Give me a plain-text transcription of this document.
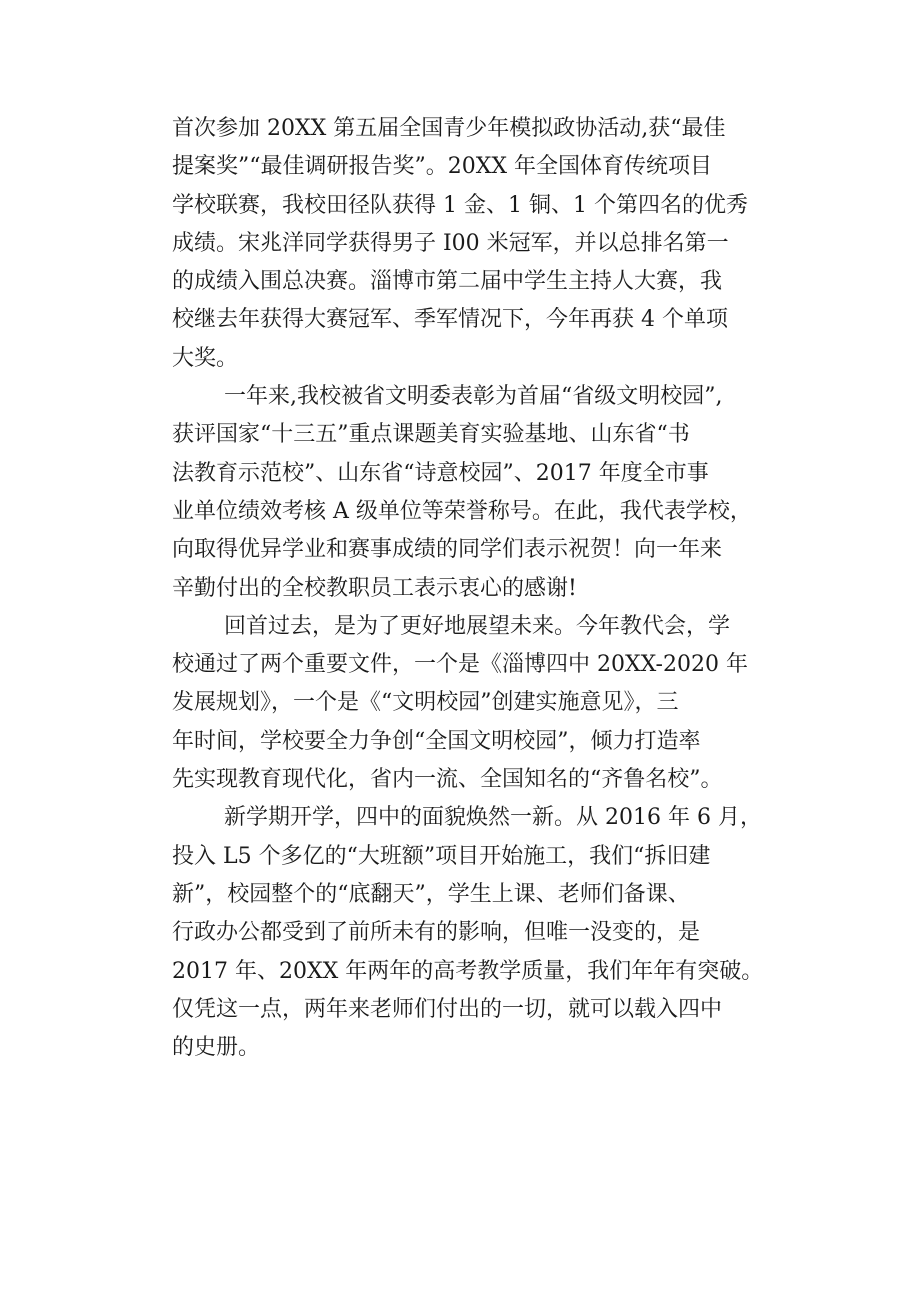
首次参加 20XX 第五届全国青少年模拟政协活动,获“最佳
提案奖”“最佳调研报告奖”。20XX 年全国体育传统项目
学校联赛，我校田径队获得 1 金、1 铜、1 个第四名的优秀
成绩。宋兆洋同学获得男子 I00 米冠军，并以总排名第一
的成绩入围总决赛。淄博市第二届中学生主持人大赛，我
校继去年获得大赛冠军、季军情况下，今年再获 4 个单项
大奖。
一年来,我校被省文明委表彰为首届“省级文明校园”,
获评国家“十三五”重点课题美育实验基地、山东省“书
法教育示范校”、山东省“诗意校园”、2017 年度全市事
业单位绩效考核 A 级单位等荣誉称号。在此，我代表学校，
向取得优异学业和赛事成绩的同学们表示祝贺！向一年来
辛勤付出的全校教职员工表示衷心的感谢!
回首过去，是为了更好地展望未来。今年教代会，学
校通过了两个重要文件，一个是《淄博四中 20XX-2020 年
发展规划》，一个是《“文明校园”创建实施意见》，三
年时间，学校要全力争创“全国文明校园”，倾力打造率
先实现教育现代化，省内一流、全国知名的“齐鲁名校”。
新学期开学，四中的面貌焕然一新。从 2016 年 6 月，
投入 L5 个多亿的“大班额”项目开始施工，我们“拆旧建
新”，校园整个的“底翻天”，学生上课、老师们备课、
行政办公都受到了前所未有的影响，但唯一没变的，是
2017 年、20XX 年两年的高考教学质量，我们年年有突破。
仅凭这一点，两年来老师们付出的一切，就可以载入四中
的史册。
